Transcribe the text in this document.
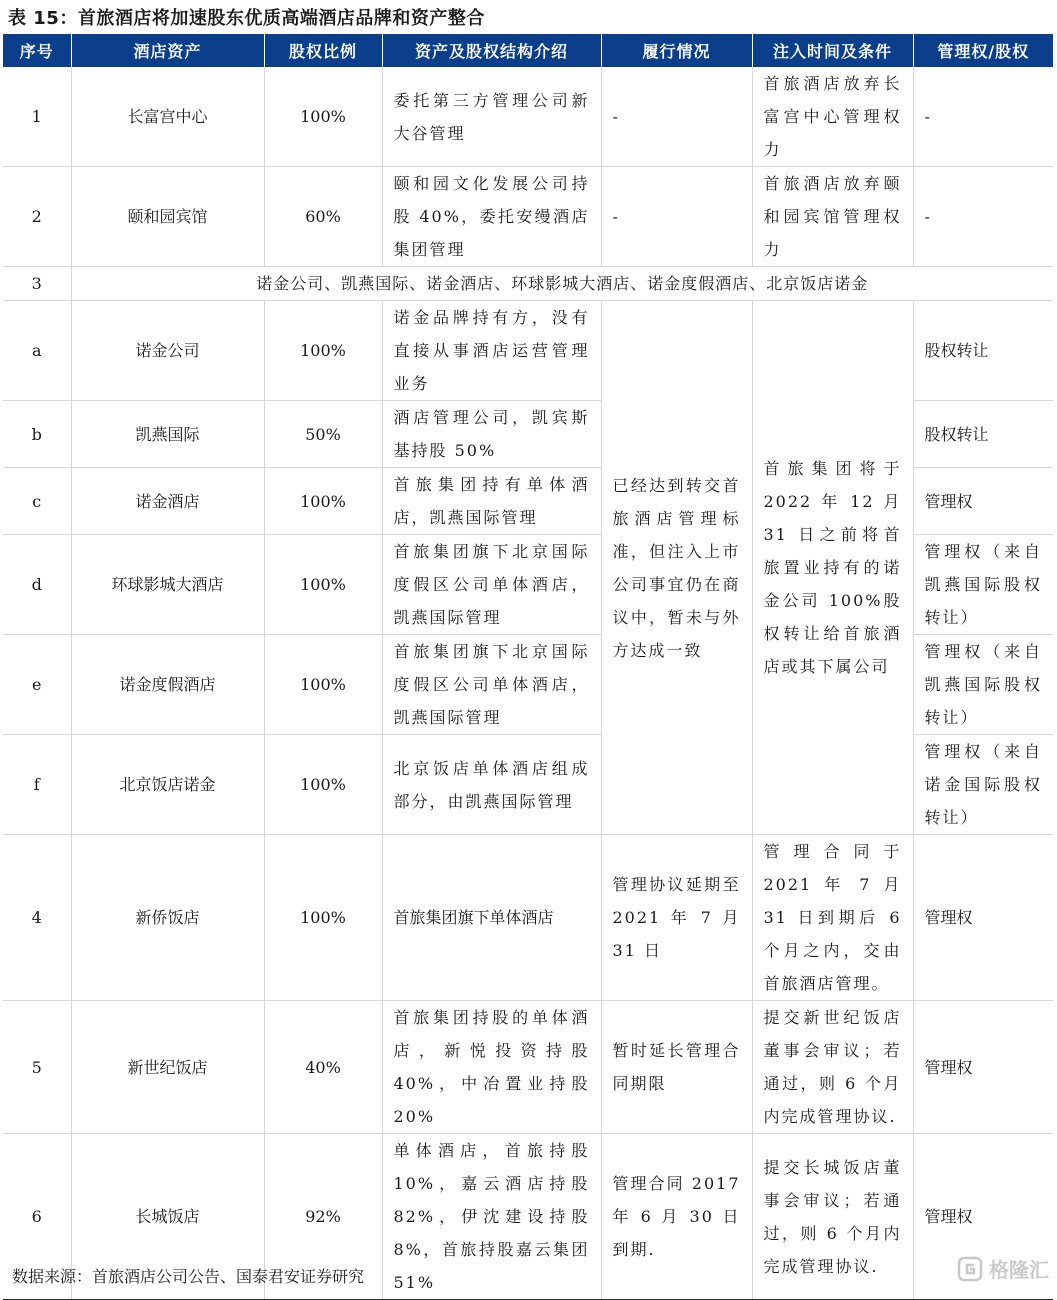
表 15：首旅酒店将加速股东优质高端酒店品牌和资产整合
序号	酒店资产	股权比例	资产及股权结构介绍	履行情况	注入时间及条件	管理权/股权
1	长富宫中心	100%	委托第三方管理公司新大谷管理	-	首旅酒店放弃长富宫中心管理权力	-
2	颐和园宾馆	60%	颐和园文化发展公司持股 40%，委托安缦酒店集团管理	-	首旅酒店放弃颐和园宾馆管理权力	-
3	诺金公司、凯燕国际、诺金酒店、环球影城大酒店、诺金度假酒店、北京饭店诺金					
a	诺金公司	100%	诺金品牌持有方，没有直接从事酒店运营管理业务	已经达到转交首旅酒店管理标准，但注入上市公司事宜仍在商议中，暂未与外方达成一致	首旅集团将于 2022 年 12 月 31 日之前将首旅置业持有的诺金公司 100%股权转让给首旅酒店或其下属公司	股权转让
b	凯燕国际	50%	酒店管理公司，凯宾斯基持股 50%			股权转让
c	诺金酒店	100%	首旅集团持有单体酒店，凯燕国际管理			管理权
d	环球影城大酒店	100%	首旅集团旗下北京国际度假区公司单体酒店，凯燕国际管理			管理权（来自凯燕国际股权转让）
e	诺金度假酒店	100%	首旅集团旗下北京国际度假区公司单体酒店，凯燕国际管理			管理权（来自凯燕国际股权转让）
f	北京饭店诺金	100%	北京饭店单体酒店组成部分，由凯燕国际管理			管理权（来自诺金国际股权转让）
4	新侨饭店	100%	首旅集团旗下单体酒店	管理协议延期至 2021 年 7 月 31 日	管理合同于 2021 年 7 月 31 日到期后 6 个月之内，交由首旅酒店管理。	管理权
5	新世纪饭店	40%	首旅集团持股的单体酒店，新悦投资持股 40%，中冶置业持股 20%	暂时延长管理合同期限	提交新世纪饭店董事会审议；若通过，则 6 个月内完成管理协议.	管理权
6	长城饭店	92%	单体酒店，首旅持股 10%，嘉云酒店持股 82%，伊沈建设持股 8%，首旅持股嘉云集团 51%	管理合同 2017 年 6 月 30 日到期.	提交长城饭店董事会审议；若通过，则 6 个月内完成管理协议.	管理权
数据来源：首旅酒店公司公告、国泰君安证券研究	格隆汇
